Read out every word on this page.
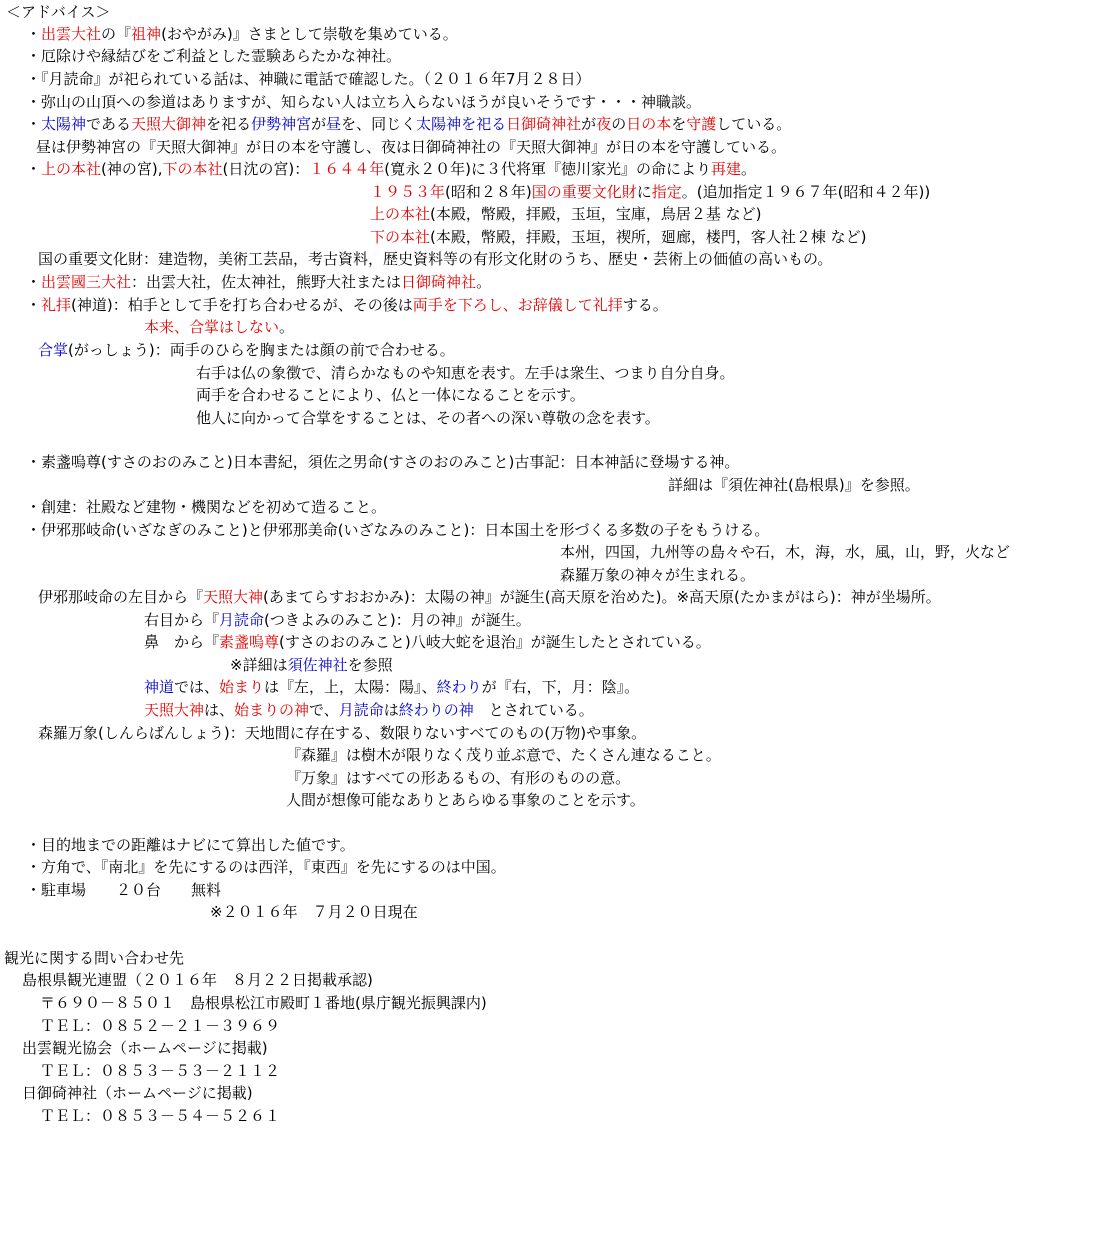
＜アドバイス＞
・出雲大社の『祖神(おやがみ)』さまとして崇敬を集めている。
・厄除けや縁結びをご利益とした霊験あらたかな神社。
・『月読命』が祀られている話は、神職に電話で確認した。（２０１６年7月２８日）
・弥山の山頂への参道はありますが、知らない人は立ち入らないほうが良いそうです・・・神職談。
・太陽神である天照大御神を祀る伊勢神宮が昼を、同じく太陽神を祀る日御碕神社が夜の日の本を守護している。
昼は伊勢神宮の『天照大御神』が日の本を守護し、夜は日御碕神社の『天照大御神』が日の本を守護している。
・上の本社(神の宮),下の本社(日沈の宮)：１６４４年(寛永２０年)に３代将軍『徳川家光』の命により再建。
１９５３年(昭和２８年)国の重要文化財に指定。(追加指定１９６７年(昭和４２年))
上の本社(本殿，幣殿，拝殿，玉垣，宝庫，鳥居２基 など)
下の本社(本殿，幣殿，拝殿，玉垣，禊所，廻廊，楼門，客人社２棟 など)
国の重要文化財：建造物，美術工芸品，考古資料，歴史資料等の有形文化財のうち、歴史・芸術上の価値の高いもの。
・出雲國三大社：出雲大社，佐太神社，熊野大社または日御碕神社。
・礼拝(神道)：柏手として手を打ち合わせるが、その後は両手を下ろし、お辞儀して礼拝する。
本来、合掌はしない。
合掌(がっしょう)：両手のひらを胸または顔の前で合わせる。
右手は仏の象徴で、清らかなものや知恵を表す。左手は衆生、つまり自分自身。
両手を合わせることにより、仏と一体になることを示す。
他人に向かって合掌をすることは、その者への深い尊敬の念を表す。
・素盞嗚尊(すさのおのみこと)日本書紀，須佐之男命(すさのおのみこと)古事記：日本神話に登場する神。
詳細は『須佐神社(島根県)』を参照。
・創建：社殿など建物・機関などを初めて造ること。
・伊邪那岐命(いざなぎのみこと)と伊邪那美命(いざなみのみこと)：日本国土を形づくる多数の子をもうける。
本州，四国，九州等の島々や石，木，海，水，風，山，野，火など
森羅万象の神々が生まれる。
伊邪那岐命の左目から『天照大神(あまてらすおおかみ)：太陽の神』が誕生(高天原を治めた)。※高天原(たかまがはら)：神が坐場所。
右目から『月読命(つきよみのみこと)：月の神』が誕生。
鼻　から『素盞嗚尊(すさのおのみこと)八岐大蛇を退治』が誕生したとされている。
※詳細は須佐神社を参照
神道では、始まりは『左，上，太陽：陽』、終わりが『右，下，月：陰』。
天照大神は、始まりの神で、月読命は終わりの神　とされている。
森羅万象(しんらばんしょう)：天地間に存在する、数限りないすべてのもの(万物)や事象。
『森羅』は樹木が限りなく茂り並ぶ意で、たくさん連なること。
『万象』はすべての形あるもの、有形のものの意。
人間が想像可能なありとあらゆる事象のことを示す。
・目的地までの距離はナビにて算出した値です。
・方角で、『南北』を先にするのは西洋，『東西』を先にするのは中国。
・駐車場　　２０台　　無料
※２０１６年　７月２０日現在
観光に関する問い合わせ先
島根県観光連盟（２０１６年　８月２２日掲載承認)
〒６９０－８５０１　島根県松江市殿町１番地(県庁観光振興課内)
ＴＥＬ：０８５２－２１－３９６９
出雲観光協会（ホームページに掲載)
ＴＥＬ：０８５３－５３－２１１２
日御碕神社（ホームページに掲載)
ＴＥＬ：０８５３－５４－５２６１
